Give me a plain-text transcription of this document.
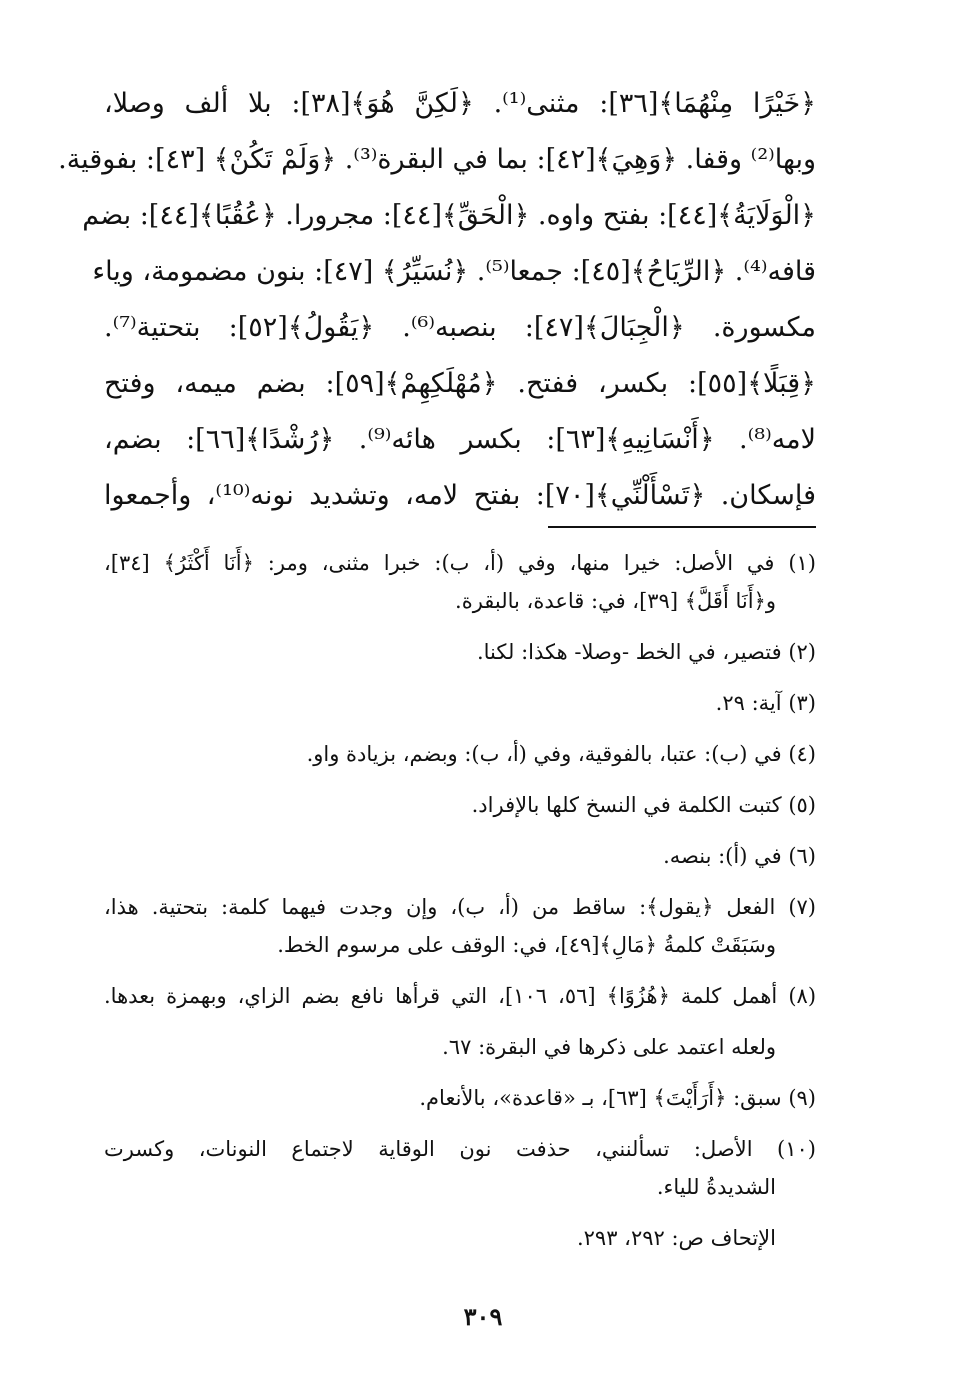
﴿خَيْرًا مِنْهُمَا﴾[٣٦]: مثنى⁽¹⁾. ﴿لَكِنَّ هُوَ﴾[٣٨]: بلا ألف وصلا،
وبها⁽²⁾ وقفا. ﴿وَهِيَ﴾[٤٢]: بما في البقرة⁽³⁾. ﴿وَلَمْ تَكُنْ﴾ [٤٣]: بفوقية.
﴿الْوَلَايَةُ﴾[٤٤]: بفتح واوه. ﴿الْحَقِّ﴾[٤٤]: مجرورا. ﴿عُقُبًا﴾[٤٤]: بضم
قافه⁽⁴⁾. ﴿الرِّيَاحُ﴾[٤٥]: جمعا⁽⁵⁾. ﴿نُسَيِّرُ﴾ [٤٧]: بنون مضمومة، وياء
مكسورة. ﴿الْجِبَالَ﴾[٤٧]: بنصبه⁽⁶⁾. ﴿يَقُولُ﴾[٥٢]: بتحتية⁽⁷⁾.
﴿قِبَلًا﴾[٥٥]: بكسر، ففتح. ﴿مُهْلَكِهِمْ﴾[٥٩]: بضم ميمه، وفتح
لامه⁽⁸⁾. ﴿أَنْسَانِيهِ﴾[٦٣]: بكسر هائه⁽⁹⁾. ﴿رُشْدًا﴾[٦٦]: بضم،
فإسكان. ﴿تَسْأَلْنِّي﴾[٧٠]: بفتح لامه، وتشديد نونه⁽¹⁰⁾، وأجمعوا
(١) في الأصل: خيرا منها، وفي (أ، ب): خبرا مثنى، ومر: ﴿أَنَا أَكْثَرُ﴾ [٣٤]،
و﴿أَنَا أَقَلَّ﴾ [٣٩]، في: قاعدة، بالبقرة.
(٢) فتصير، في الخط -وصلا- هكذا: لكنا.
(٣) آية: ٢٩.
(٤) في (ب): عتبا، بالفوقية، وفي (أ، ب): وبضم، بزيادة واو.
(٥) كتبت الكلمة في النسخ كلها بالإفراد.
(٦) في (أ): بنصه.
(٧) الفعل ﴿يقول﴾: ساقط من (أ، ب)، وإن وجدت فيهما كلمة: بتحتية. هذا،
وسَبَقَتْ كلمةُ ﴿مَالِ﴾[٤٩]، في: الوقف على مرسوم الخط.
(٨) أهمل كلمة ﴿هُزُوًا﴾ [٥٦، ١٠٦]، التي قرأها نافع بضم الزاي، وبهمزة بعدها.
ولعله اعتمد على ذكرها في البقرة: ٦٧.
(٩) سبق: ﴿أَرَأَيْتَ﴾ [٦٣]، بـ «قاعدة»، بالأنعام.
(١٠) الأصل: تسألنني، حذفت نون الوقاية لاجتماع النونات، وكسرت
الشديدةُ للياء.
الإتحاف ص: ٢٩٢، ٢٩٣.
٣٠٩
